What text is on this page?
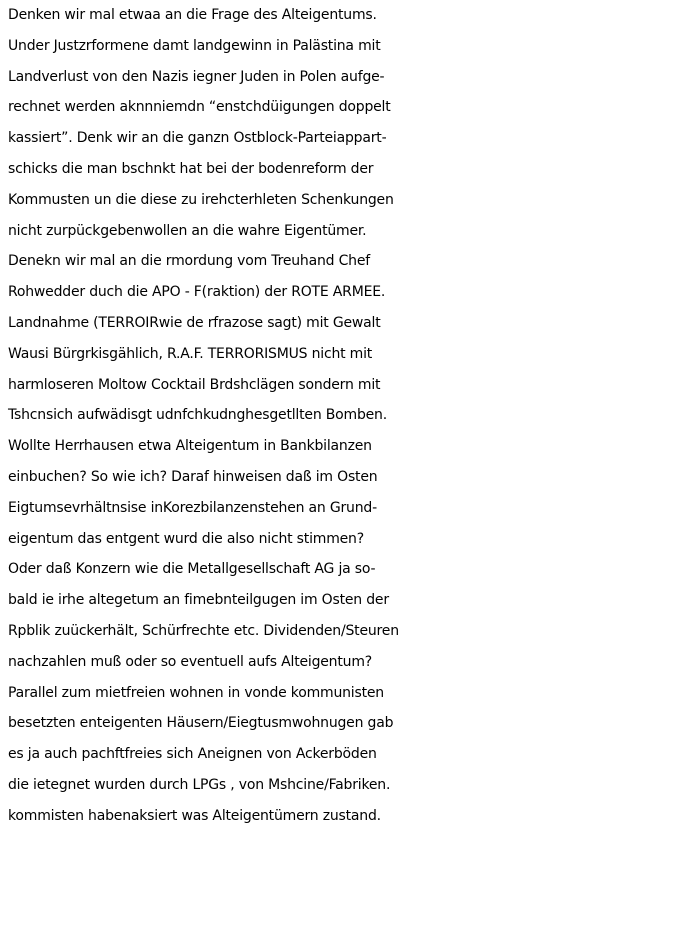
Denken wir mal etwaa an die Frage des Alteigentums.
Under Justzrformene damt landgewinn in Palästina mit
Landverlust von den Nazis iegner Juden in Polen aufge-
rechnet werden aknnniemdn “enstchdüigungen doppelt
kassiert”. Denk wir an die ganzn Ostblock-Parteiappart-
schicks die man bschnkt hat bei der bodenreform der
Kommusten un die diese zu irehcterhleten Schenkungen
nicht zurpückgebenwollen an die wahre Eigentümer.
Denekn wir mal an die rmordung vom Treuhand Chef
Rohwedder duch die APO - F(raktion) der ROTE ARMEE.
Landnahme (TERROIRwie de rfrazose sagt) mit Gewalt
Wausi Bürgrkisgählich, R.A.F. TERRORISMUS nicht mit
harmloseren Moltow Cocktail Brdshclägen sondern mit
Tshcnsich aufwädisgt udnfchkudnghesgetllten Bomben.
Wollte Herrhausen etwa Alteigentum in Bankbilanzen
einbuchen? So wie ich? Daraf hinweisen daß im Osten
Eigtumsevrhältnsise inKorezbilanzenstehen an Grund-
eigentum das entgent wurd die also nicht stimmen?
Oder daß Konzern wie die Metallgesellschaft AG ja so-
bald ie irhe altegetum an fimebnteilgugen im Osten der
Rpblik zuückerhält, Schürfrechte etc. Dividenden/Steuren
nachzahlen muß oder so eventuell aufs Alteigentum?
Parallel zum mietfreien wohnen in vonde kommunisten
besetzten enteigenten Häusern/Eiegtusmwohnugen gab
es ja auch pachftfreies sich Aneignen von Ackerböden
die ietegnet wurden durch LPGs , von Mshcine/Fabriken.
kommisten habenaksiert was Alteigentümern zustand.
